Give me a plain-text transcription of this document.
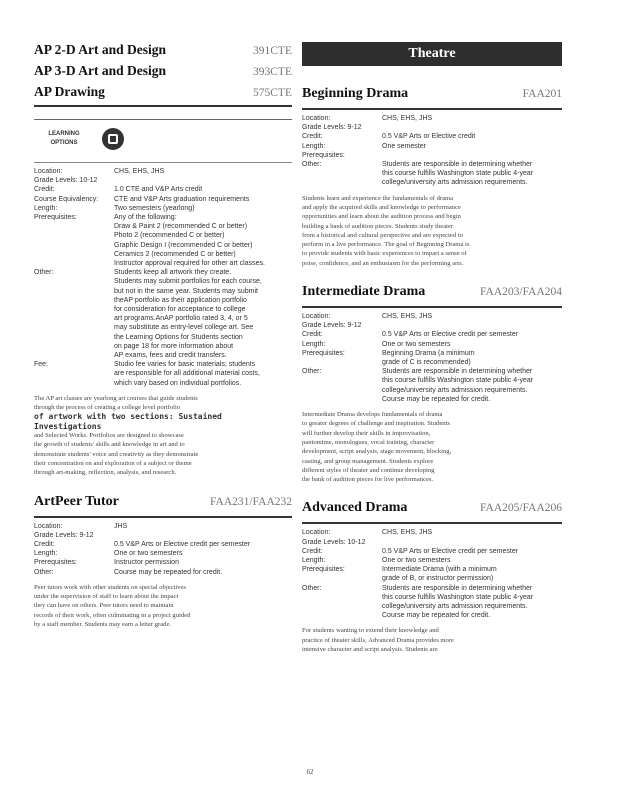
AP 2-D Art and Design	391CTE
AP 3-D Art and Design	393CTE
AP Drawing	575CTE
LEARNING
OPTIONS
Location:	CHS, EHS, JHS
Grade Levels: 10-12
Credit:	1.0 CTE and V&P Arts credit
Course Equivalency:	CTE and V&P Arts graduation requirements
Length:	Two semesters (yearlong)
Prerequisites:	Any of the following:
Draw & Paint 2 (recommended C or better)
Photo 2 (recommended C or better)
Graphic Design I (recommended C or better)
Ceramics 2 (recommended C or better)
Instructor approval required for other art classes.
Other:	Students keep all artwork they create.
Students may submit portfolios for each course,
but not in the same year. Students may submit
theAP portfolio as their application portfolio
for consideration for acceptance to college
art programs.AnAP portfolio rated 3, 4, or 5
may substitute as entry-level college art. See
the Learning Options for Students section
on page 18 for more information about
AP exams, fees and credit transfers.
Fee:	Studio fee varies for basic materials; students
are responsible for all additional material costs,
which vary based on individual portfolios.
The AP art classes are yearlong art courses that guide students
through the process of creating a college level portfolio
of artwork with two sections: Sustained Investigations
and Selected Works. Portfolios are designed to showcase
the growth of students' skills and knowledge in art and to
demonstrate students' voice and creativity as they demonstrate
their concentration on and exploration of a subject or theme
through art-making, reflection, analysis, and research.
ArtPeer Tutor	FAA231/FAA232
Location:	JHS
Grade Levels: 9-12
Credit:	0.5 V&P Arts or Elective credit per semester
Length:	One or two semesters
Prerequisites:	Instructor permission
Other:	Course may be repeated for credit.
Peer tutors work with other students on special objectives
under the supervision of staff to learn about the impact
they can have on others. Peer tutors need to maintain
records of their work, often culminating in a project guided
by a staff member. Students may earn a letter grade.
Theatre
Beginning Drama	FAA201
Location:	CHS, EHS, JHS
Grade Levels: 9-12
Credit:	0.5 V&P Arts or Elective credit
Length:	One semester
Prerequisites:
Other:	Students are responsible in determining whether
this course fulfills Washington state public 4-year
college/university arts admission requirements.
Students learn and experience the fundamentals of drama
and apply the acquired skills and knowledge to performance
opportunities and learn about the audition process and begin
building a bank of audition pieces. Students study theater
from a historical and cultural perspective and are expected to
perform in a live performance. The goal of Beginning Drama is
to provide students with basic experiences to impart a sense of
poise, confidence, and an enthusiasm for the performing arts.
Intermediate Drama	FAA203/FAA204
Location:	CHS, EHS, JHS
Grade Levels: 9-12
Credit:	0.5 V&P Arts or Elective credit per semester
Length:	One or two semesters
Prerequisites:	Beginning Drama (a minimum
grade of C is recommended)
Other:	Students are responsible in determining whether
this course fulfills Washington state public 4-year
college/university arts admission requirements.
Course may be repeated for credit.
Intermediate Drama develops fundamentals of drama
to greater degrees of challenge and inspiration. Students
will further develop their skills in improvisation,
pantomime, monologues, vocal training, character
development, script analysis, stage movement, blocking,
casting, and group management. Students explore
different styles of theater and continue developing
the bank of audition pieces for live performances.
Advanced Drama	FAA205/FAA206
Location:	CHS, EHS, JHS
Grade Levels: 10-12
Credit:	0.5 V&P Arts or Elective credit per semester
Length:	One or two semesters
Prerequisites:	Intermediate Drama (with a minimum
grade of B, or instructor permission)
Other:	Students are responsible in determining whether
this course fulfills Washington state public 4-year
college/university arts admission requirements.
Course may be repeated for credit.
For students wanting to extend their knowledge and
practice of theater skills, Advanced Drama provides more
intensive character and script analysis. Students are
62
